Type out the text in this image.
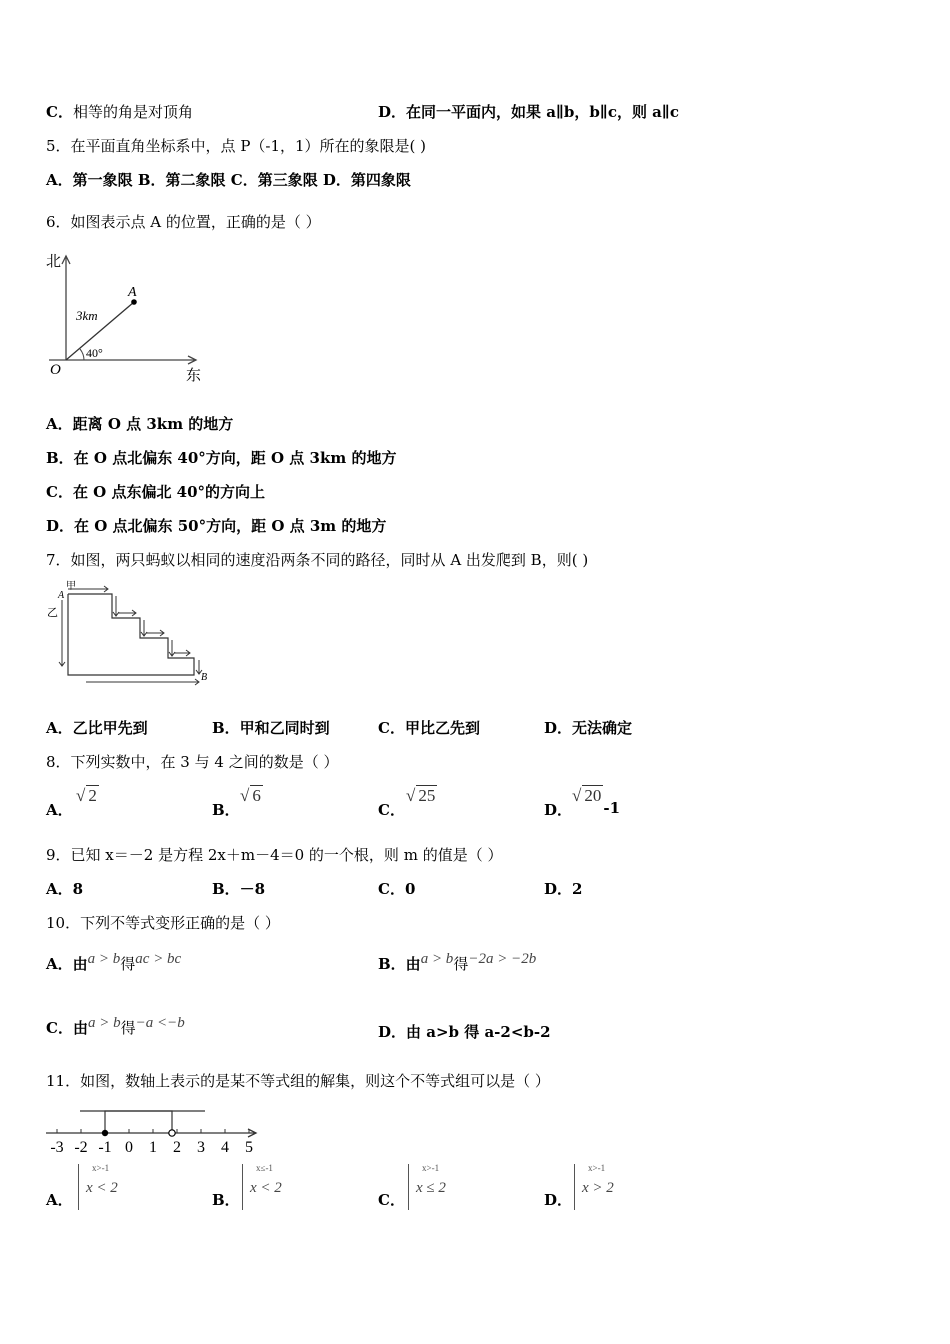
C．相等的角是对顶角	D．在同一平面内，如果 a∥b，b∥c，则 a∥c
5．在平面直角坐标系中，点 P（-1，1）所在的象限是( )
A．第一象限 B．第二象限 C．第三象限 D．第四象限
6．如图表示点 A 的位置，正确的是（ ）
北
东
O
A
3km
40°
A．距离 O 点 3km 的地方
B．在 O 点北偏东 40°方向，距 O 点 3km 的地方
C．在 O 点东偏北 40°的方向上
D．在 O 点北偏东 50°方向，距 O 点 3m 的地方
7．如图，两只蚂蚁以相同的速度沿两条不同的路径，同时从 A 出发爬到 B，则( )
甲
A
乙
B
A．乙比甲先到	B．甲和乙同时到	C．甲比乙先到	D．无法确定
8．下列实数中，在 3 与 4 之间的数是（ ）
A．
√ 2
B．
√ 6
C．
√ 25
D．
√ 20-1
9．已知 x＝－2 是方程 2x＋m－4＝0 的一个根，则 m 的值是（ ）
A．8	B．－8	C．0	D．2
10．下列不等式变形正确的是（ ）
A．由a > b得ac > bc	B．由a > b得−2a > −2b
C．由a > b得−a <−b	D．由 a>b 得 a-2<b-2
11．如图，数轴上表示的是某不等式组的解集，则这个不等式组可以是（ ）
-3 -2 -1 0 1 2 3 4 5
A．
x>-1
x < 2
B．
x≤-1
x < 2
C．
x>-1
x ≤ 2
D．
x>-1
x > 2
